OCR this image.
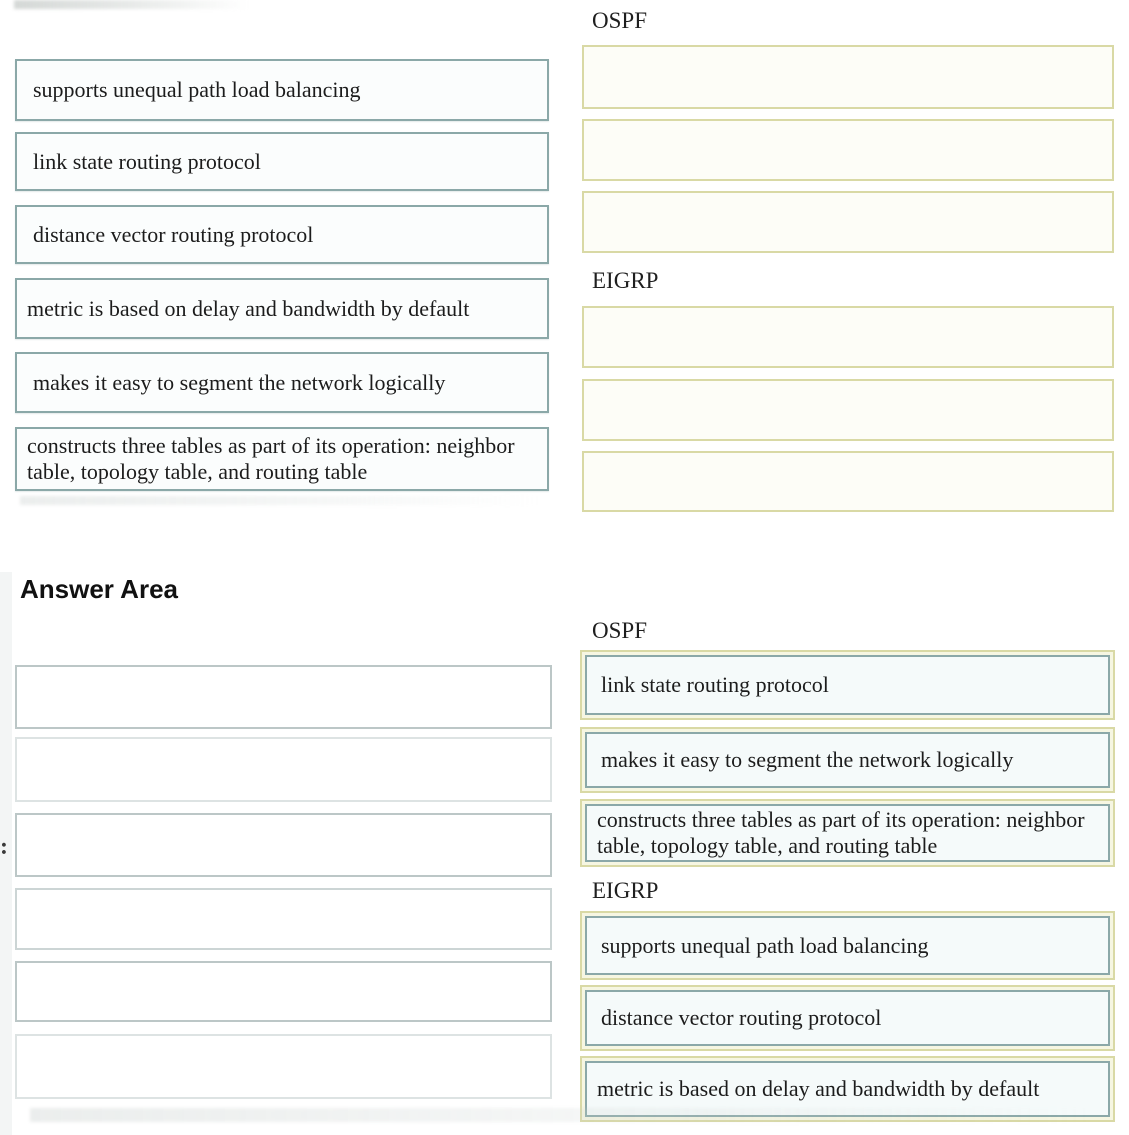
supports unequal path load balancing
link state routing protocol
distance vector routing protocol
metric is based on delay and bandwidth by default
makes it easy to segment the network logically
constructs three tables as part of its operation: neighbor table, topology table, and routing table
OSPF
EIGRP
Answer Area
:
OSPF
link state routing protocol
makes it easy to segment the network logically
constructs three tables as part of its operation: neighbor table, topology table, and routing table
EIGRP
supports unequal path load balancing
distance vector routing protocol
metric is based on delay and bandwidth by default
